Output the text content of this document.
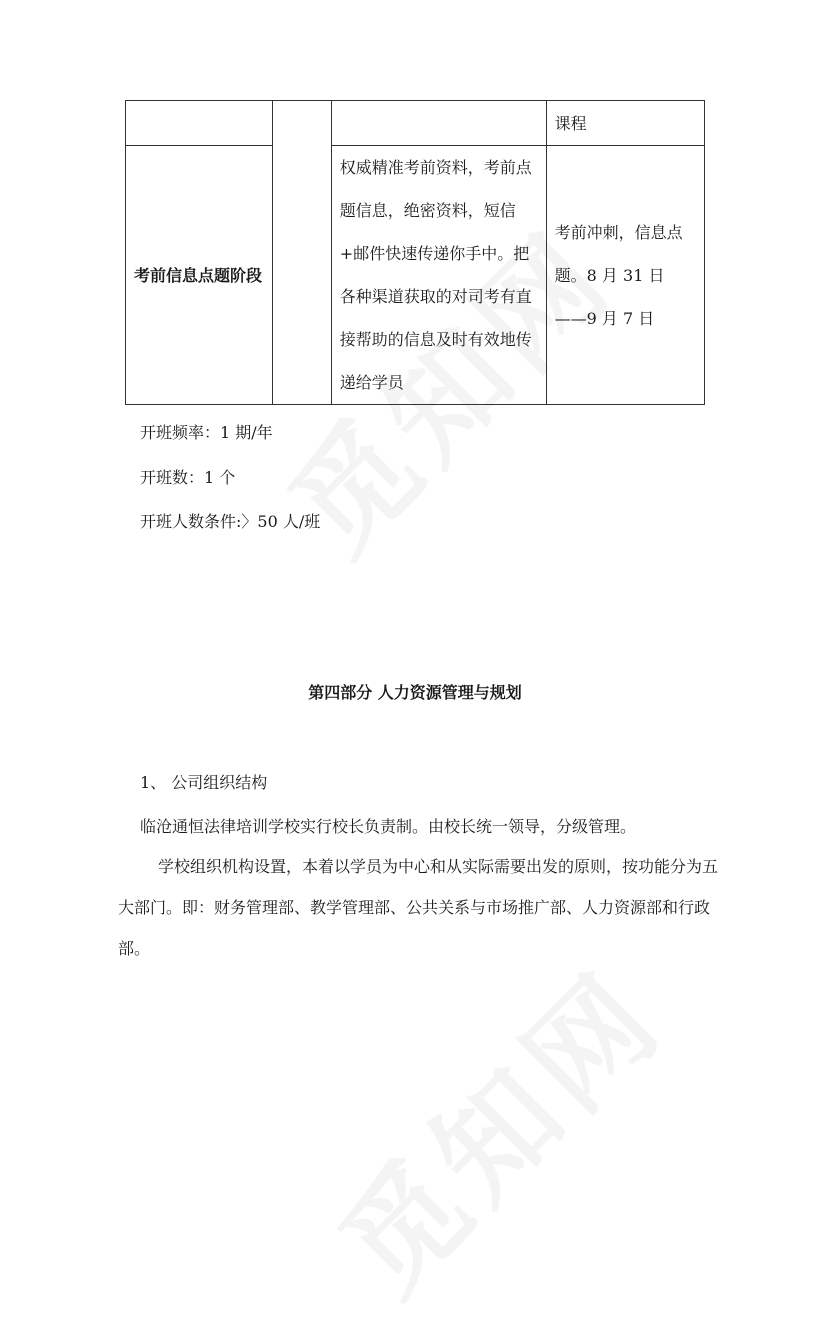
			课程
考前信息点题阶段		权威精准考前资料，考前点题信息，绝密资料，短信+邮件快速传递你手中。把各种渠道获取的对司考有直接帮助的信息及时有效地传递给学员	考前冲刺，信息点题。8 月 31 日——9 月 7 日
开班频率：1 期/年
开班数：1 个
开班人数条件:〉50 人/班
第四部分 人力资源管理与规划
1、 公司组织结构
临沧通恒法律培训学校实行校长负责制。由校长统一领导，分级管理。
学校组织机构设置，本着以学员为中心和从实际需要出发的原则，按功能分为五大部门。即：财务管理部、教学管理部、公共关系与市场推广部、人力资源部和行政部。
